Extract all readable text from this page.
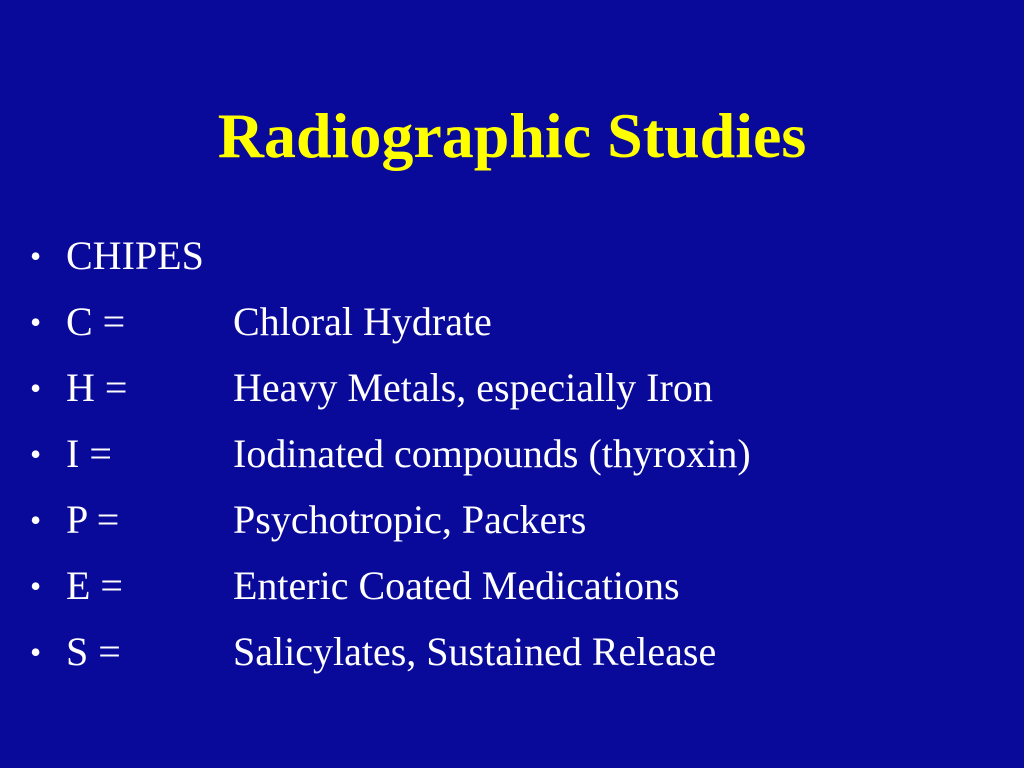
Radiographic Studies
• CHIPES
• C =	Chloral Hydrate
• H =	Heavy Metals, especially Iron
• I =	Iodinated compounds (thyroxin)
• P =	Psychotropic, Packers
• E =	Enteric Coated Medications
• S =	Salicylates, Sustained Release
